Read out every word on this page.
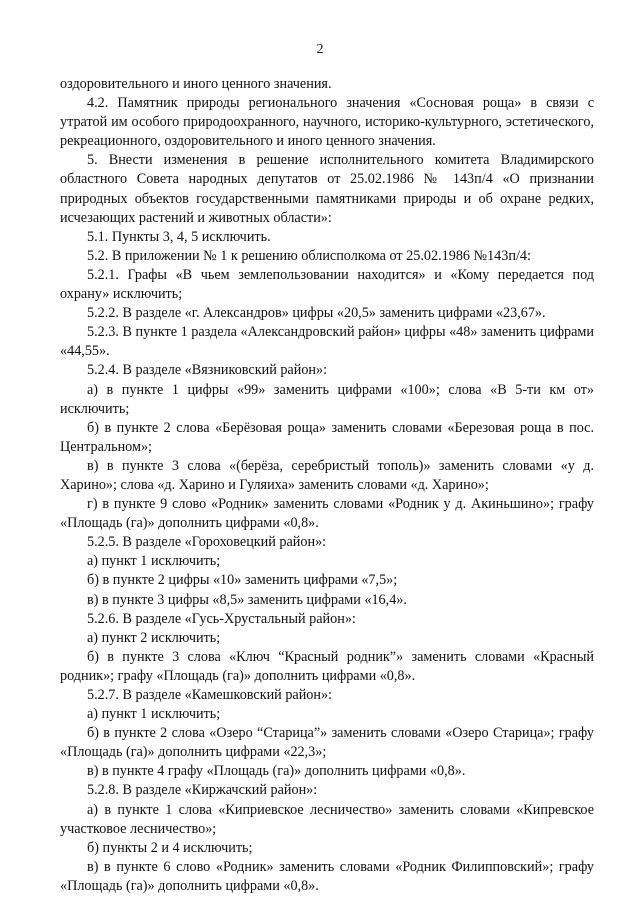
2

оздоровительного и иного ценного значения.

4.2. Памятник природы регионального значения «Сосновая роща» в связи с утратой им особого природоохранного, научного, историко-культурного, эстетического, рекреационного, оздоровительного и иного ценного значения.

5. Внести изменения в решение исполнительного комитета Владимирского областного Совета народных депутатов от 25.02.1986 № 143п/4 «О признании природных объектов государственными памятниками природы и об охране редких, исчезающих растений и животных области»:

5.1. Пункты 3, 4, 5 исключить.

5.2. В приложении № 1 к решению облисполкома от 25.02.1986 №143п/4:

5.2.1. Графы «В чьем землепользовании находится» и «Кому передается под охрану» исключить;

5.2.2. В разделе «г. Александров» цифры «20,5» заменить цифрами «23,67».

5.2.3. В пункте 1 раздела «Александровский район» цифры «48» заменить цифрами «44,55».

5.2.4. В разделе «Вязниковский район»:

а) в пункте 1 цифры «99» заменить цифрами «100»; слова «В 5-ти км от» исключить;

б) в пункте 2 слова «Берёзовая роща» заменить словами «Березовая роща в пос. Центральном»;

в) в пункте 3 слова «(берёза, серебристый тополь)» заменить словами «у д. Харино»; слова «д. Харино и Гуляиха» заменить словами «д. Харино»;

г) в пункте 9 слово «Родник» заменить словами «Родник у д. Акиньшино»; графу «Площадь (га)» дополнить цифрами «0,8».

5.2.5. В разделе «Гороховецкий район»:

а) пункт 1 исключить;

б) в пункте 2 цифры «10» заменить цифрами «7,5»;

в) в пункте 3 цифры «8,5» заменить цифрами «16,4».

5.2.6. В разделе «Гусь-Хрустальный район»:

а) пункт 2 исключить;

б) в пункте 3 слова «Ключ “Красный родник”» заменить словами «Красный родник»; графу «Площадь (га)» дополнить цифрами «0,8».

5.2.7. В разделе «Камешковский район»:

а) пункт 1 исключить;

б) в пункте 2 слова «Озеро “Старица”» заменить словами «Озеро Старица»; графу «Площадь (га)» дополнить цифрами «22,3»;

в) в пункте 4 графу «Площадь (га)» дополнить цифрами «0,8».

5.2.8. В разделе «Киржачский район»:

а) в пункте 1 слова «Киприевское лесничество» заменить словами «Кипревское участковое лесничество»;

б) пункты 2 и 4 исключить;

в) в пункте 6 слово «Родник» заменить словами «Родник Филипповский»; графу «Площадь (га)» дополнить цифрами «0,8».
